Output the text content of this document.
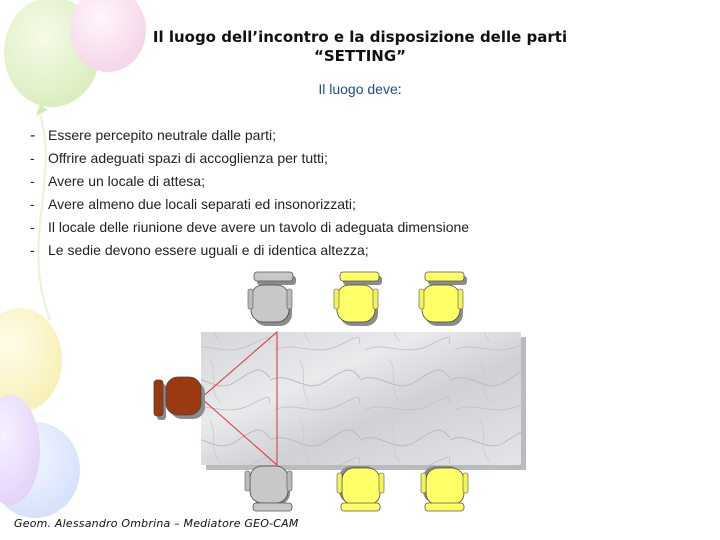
Il luogo dell’incontro e la disposizione delle parti
“SETTING”
Il luogo deve:
- Essere percepito neutrale dalle parti;
- Offrire adeguati spazi di accoglienza per tutti;
- Avere un locale di attesa;
- Avere almeno due locali separati ed insonorizzati;
- Il locale delle riunione deve avere un tavolo di adeguata dimensione
- Le sedie devono essere uguali e di identica altezza;
Geom. Alessandro Ombrina – Mediatore GEO-CAM
